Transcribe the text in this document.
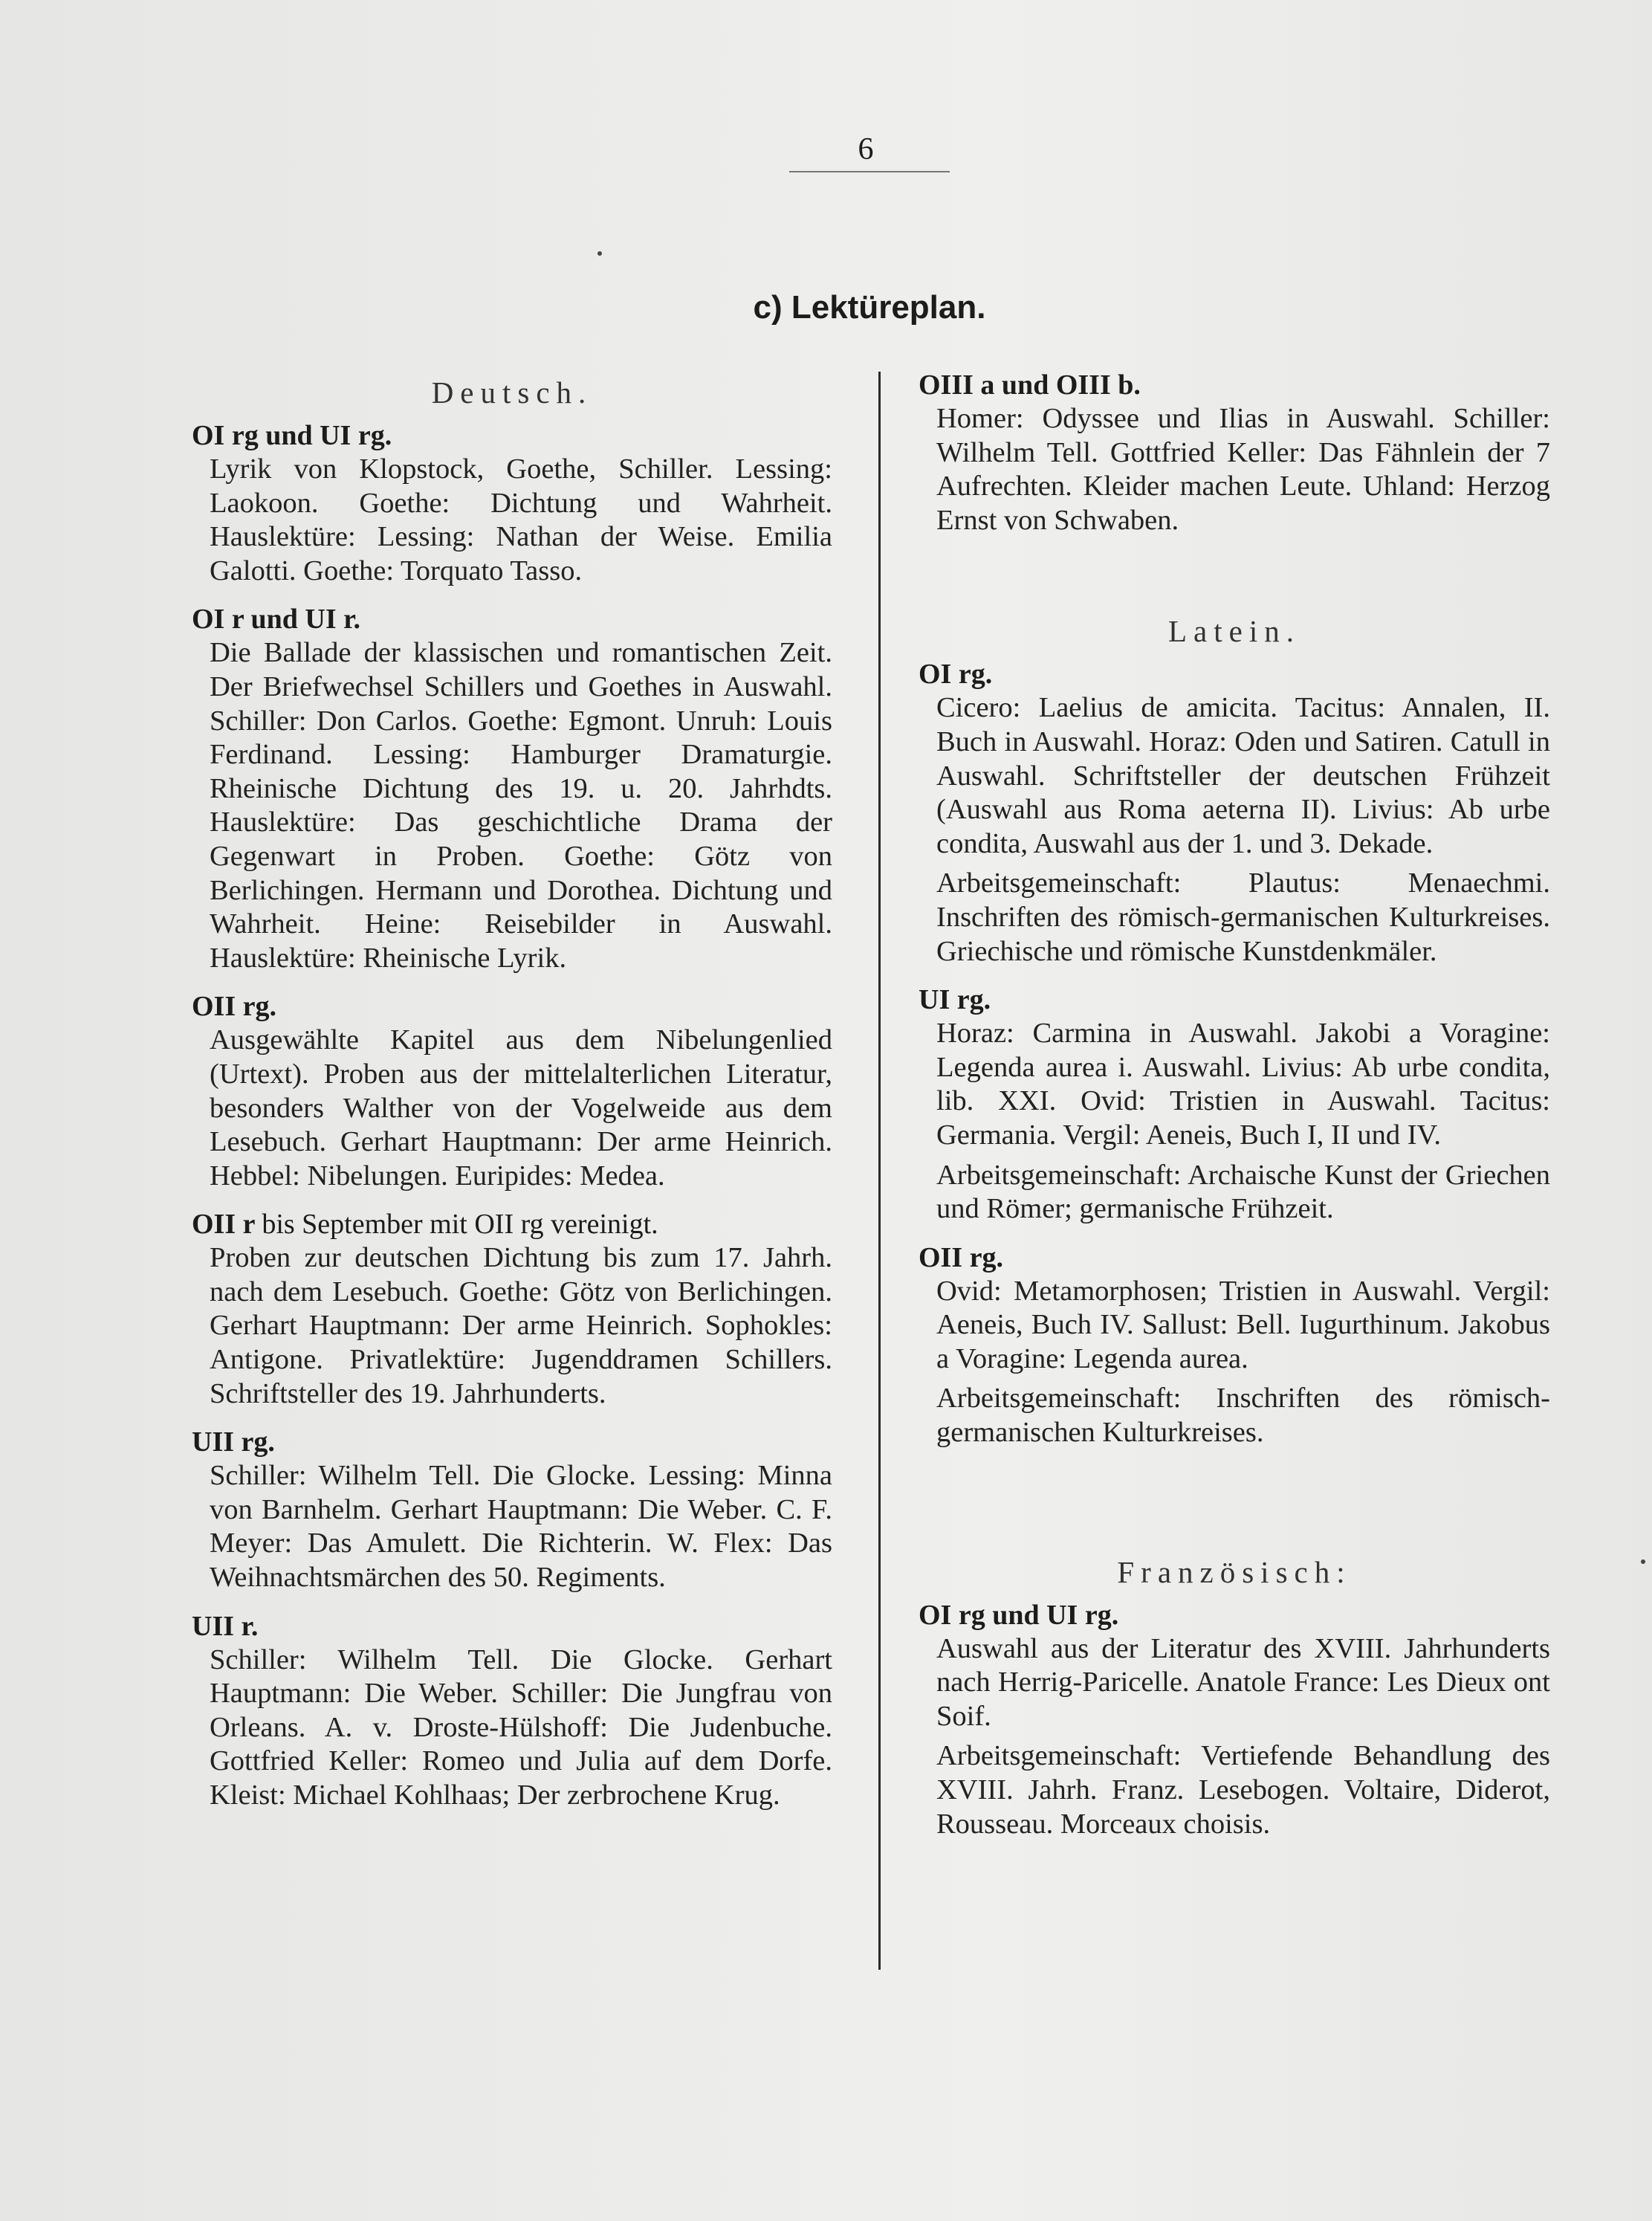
6
c) Lektüreplan.
Deutsch.

OI rg und UI rg.

Lyrik von Klopstock, Goethe, Schiller. Lessing: Laokoon. Goethe: Dichtung und Wahrheit. Hauslektüre: Lessing: Nathan der Weise. Emilia Galotti. Goethe: Torquato Tasso.

OI r und UI r.

Die Ballade der klassischen und romantischen Zeit. Der Briefwechsel Schillers und Goethes in Auswahl. Schiller: Don Carlos. Goethe: Egmont. Unruh: Louis Ferdinand. Lessing: Hamburger Dramaturgie. Rheinische Dichtung des 19. u. 20. Jahrhdts. Hauslektüre: Das geschichtliche Drama der Gegenwart in Proben. Goethe: Götz von Berlichingen. Hermann und Dorothea. Dichtung und Wahrheit. Heine: Reisebilder in Auswahl. Hauslektüre: Rheinische Lyrik.

OII rg.

Ausgewählte Kapitel aus dem Nibelungenlied (Urtext). Proben aus der mittelalterlichen Literatur, besonders Walther von der Vogelweide aus dem Lesebuch. Gerhart Hauptmann: Der arme Heinrich. Hebbel: Nibelungen. Euripides: Medea.

OII r bis September mit OII rg vereinigt.

Proben zur deutschen Dichtung bis zum 17. Jahrh. nach dem Lesebuch. Goethe: Götz von Berlichingen. Gerhart Hauptmann: Der arme Heinrich. Sophokles: Antigone. Privatlektüre: Jugenddramen Schillers. Schriftsteller des 19. Jahrhunderts.

UII rg.

Schiller: Wilhelm Tell. Die Glocke. Lessing: Minna von Barnhelm. Gerhart Hauptmann: Die Weber. C. F. Meyer: Das Amulett. Die Richterin. W. Flex: Das Weihnachtsmärchen des 50. Regiments.

UII r.

Schiller: Wilhelm Tell. Die Glocke. Gerhart Hauptmann: Die Weber. Schiller: Die Jungfrau von Orleans. A. v. Droste-Hülshoff: Die Judenbuche. Gottfried Keller: Romeo und Julia auf dem Dorfe. Kleist: Michael Kohlhaas; Der zerbrochene Krug.

OIII a und OIII b.

Homer: Odyssee und Ilias in Auswahl. Schiller: Wilhelm Tell. Gottfried Keller: Das Fähnlein der 7 Aufrechten. Kleider machen Leute. Uhland: Herzog Ernst von Schwaben.

Latein.

OI rg.

Cicero: Laelius de amicita. Tacitus: Annalen, II. Buch in Auswahl. Horaz: Oden und Satiren. Catull in Auswahl. Schriftsteller der deutschen Frühzeit (Auswahl aus Roma aeterna II). Livius: Ab urbe condita, Auswahl aus der 1. und 3. Dekade.

Arbeitsgemeinschaft: Plautus: Menaechmi. Inschriften des römisch-germanischen Kulturkreises. Griechische und römische Kunstdenkmäler.

UI rg.

Horaz: Carmina in Auswahl. Jakobi a Voragine: Legenda aurea i. Auswahl. Livius: Ab urbe condita, lib. XXI. Ovid: Tristien in Auswahl. Tacitus: Germania. Vergil: Aeneis, Buch I, II und IV.

Arbeitsgemeinschaft: Archaische Kunst der Griechen und Römer; germanische Frühzeit.

OII rg.

Ovid: Metamorphosen; Tristien in Auswahl. Vergil: Aeneis, Buch IV. Sallust: Bell. Iugurthinum. Jakobus a Voragine: Legenda aurea.

Arbeitsgemeinschaft: Inschriften des römisch-germanischen Kulturkreises.

Französisch:

OI rg und UI rg.

Auswahl aus der Literatur des XVIII. Jahrhunderts nach Herrig-Paricelle. Anatole France: Les Dieux ont Soif.

Arbeitsgemeinschaft: Vertiefende Behandlung des XVIII. Jahrh. Franz. Lesebogen. Voltaire, Diderot, Rousseau. Morceaux choisis.
